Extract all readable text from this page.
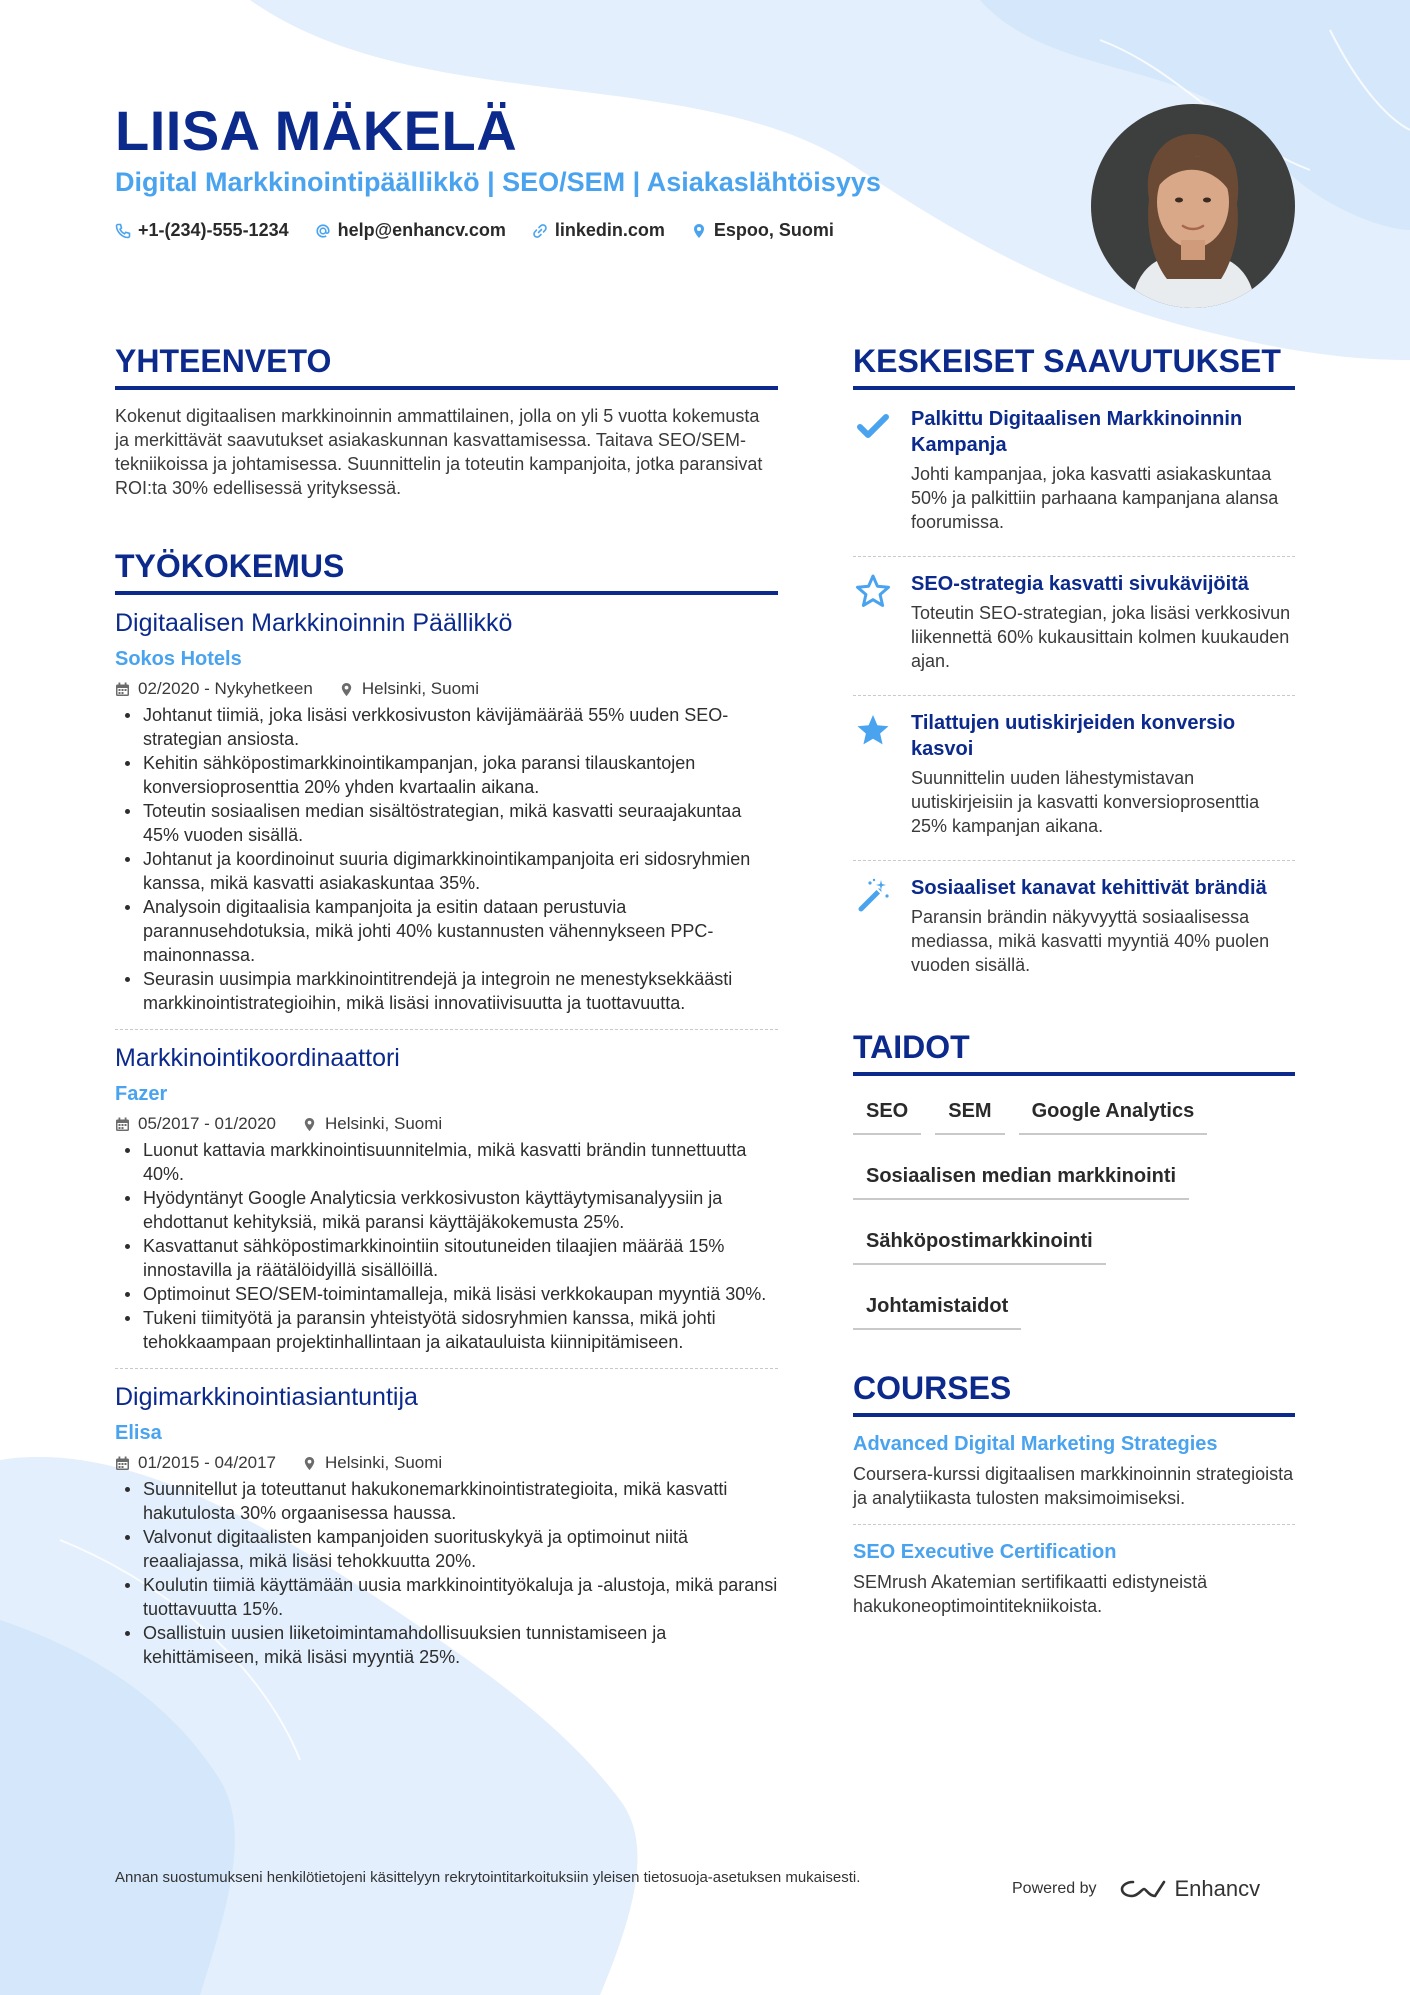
LIISA MÄKELÄ
Digital Markkinointipäällikkö | SEO/SEM | Asiakaslähtöisyys
+1-(234)-555-1234	help@enhancv.com	linkedin.com	Espoo, Suomi
YHTEENVETO

Kokenut digitaalisen markkinoinnin ammattilainen, jolla on yli 5 vuotta kokemusta ja merkittävät saavutukset asiakaskunnan kasvattamisessa. Taitava SEO/SEM-tekniikoissa ja johtamisessa. Suunnittelin ja toteutin kampanjoita, jotka paransivat ROI:ta 30% edellisessä yrityksessä.

TYÖKOKEMUS
Digitaalisen Markkinoinnin Päällikkö
Sokos Hotels
02/2020 - Nykyhetkeen	Helsinki, Suomi
Johtanut tiimiä, joka lisäsi verkkosivuston kävijämäärää 55% uuden SEO-strategian ansiosta.
Kehitin sähköpostimarkkinointikampanjan, joka paransi tilauskantojen konversioprosenttia 20% yhden kvartaalin aikana.
Toteutin sosiaalisen median sisältöstrategian, mikä kasvatti seuraajakuntaa 45% vuoden sisällä.
Johtanut ja koordinoinut suuria digimarkkinointikampanjoita eri sidosryhmien kanssa, mikä kasvatti asiakaskuntaa 35%.
Analysoin digitaalisia kampanjoita ja esitin dataan perustuvia parannusehdotuksia, mikä johti 40% kustannusten vähennykseen PPC-mainonnassa.
Seurasin uusimpia markkinointitrendejä ja integroin ne menestyksekkäästi markkinointistrategioihin, mikä lisäsi innovatiivisuutta ja tuottavuutta.
Markkinointikoordinaattori
Fazer
05/2017 - 01/2020	Helsinki, Suomi
Luonut kattavia markkinointisuunnitelmia, mikä kasvatti brändin tunnettuutta 40%.
Hyödyntänyt Google Analyticsia verkkosivuston käyttäytymisanalyysiin ja ehdottanut kehityksiä, mikä paransi käyttäjäkokemusta 25%.
Kasvattanut sähköpostimarkkinointiin sitoutuneiden tilaajien määrää 15% innostavilla ja räätälöidyillä sisällöillä.
Optimoinut SEO/SEM-toimintamalleja, mikä lisäsi verkkokaupan myyntiä 30%.
Tukeni tiimityötä ja paransin yhteistyötä sidosryhmien kanssa, mikä johti tehokkaampaan projektinhallintaan ja aikatauluista kiinnipitämiseen.
Digimarkkinointiasiantuntija
Elisa
01/2015 - 04/2017	Helsinki, Suomi
Suunnitellut ja toteuttanut hakukonemarkkinointistrategioita, mikä kasvatti hakutulosta 30% orgaanisessa haussa.
Valvonut digitaalisten kampanjoiden suorituskykyä ja optimoinut niitä reaaliajassa, mikä lisäsi tehokkuutta 20%.
Koulutin tiimiä käyttämään uusia markkinointityökaluja ja -alustoja, mikä paransi tuottavuutta 15%.
Osallistuin uusien liiketoimintamahdollisuuksien tunnistamiseen ja kehittämiseen, mikä lisäsi myyntiä 25%.
KESKEISET SAAVUTUKSET
Palkittu Digitaalisen Markkinoinnin Kampanja
Johti kampanjaa, joka kasvatti asiakaskuntaa 50% ja palkittiin parhaana kampanjana alansa foorumissa.
SEO-strategia kasvatti sivukävijöitä
Toteutin SEO-strategian, joka lisäsi verkkosivun liikennettä 60% kukausittain kolmen kuukauden ajan.
Tilattujen uutiskirjeiden konversio kasvoi
Suunnittelin uuden lähestymistavan uutiskirjeisiin ja kasvatti konversioprosenttia 25% kampanjan aikana.
Sosiaaliset kanavat kehittivät brändiä
Paransin brändin näkyvyyttä sosiaalisessa mediassa, mikä kasvatti myyntiä 40% puolen vuoden sisällä.
TAIDOT
SEO	SEM	Google Analytics
Sosiaalisen median markkinointi
Sähköpostimarkkinointi
Johtamistaidot
COURSES
Advanced Digital Marketing Strategies
Coursera-kurssi digitaalisen markkinoinnin strategioista ja analytiikasta tulosten maksimoimiseksi.
SEO Executive Certification
SEMrush Akatemian sertifikaatti edistyneistä hakukoneoptimointitekniikoista.
Annan suostumukseni henkilötietojeni käsittelyyn rekrytointitarkoituksiin yleisen tietosuoja-asetuksen mukaisesti.
Powered by	Enhancv
